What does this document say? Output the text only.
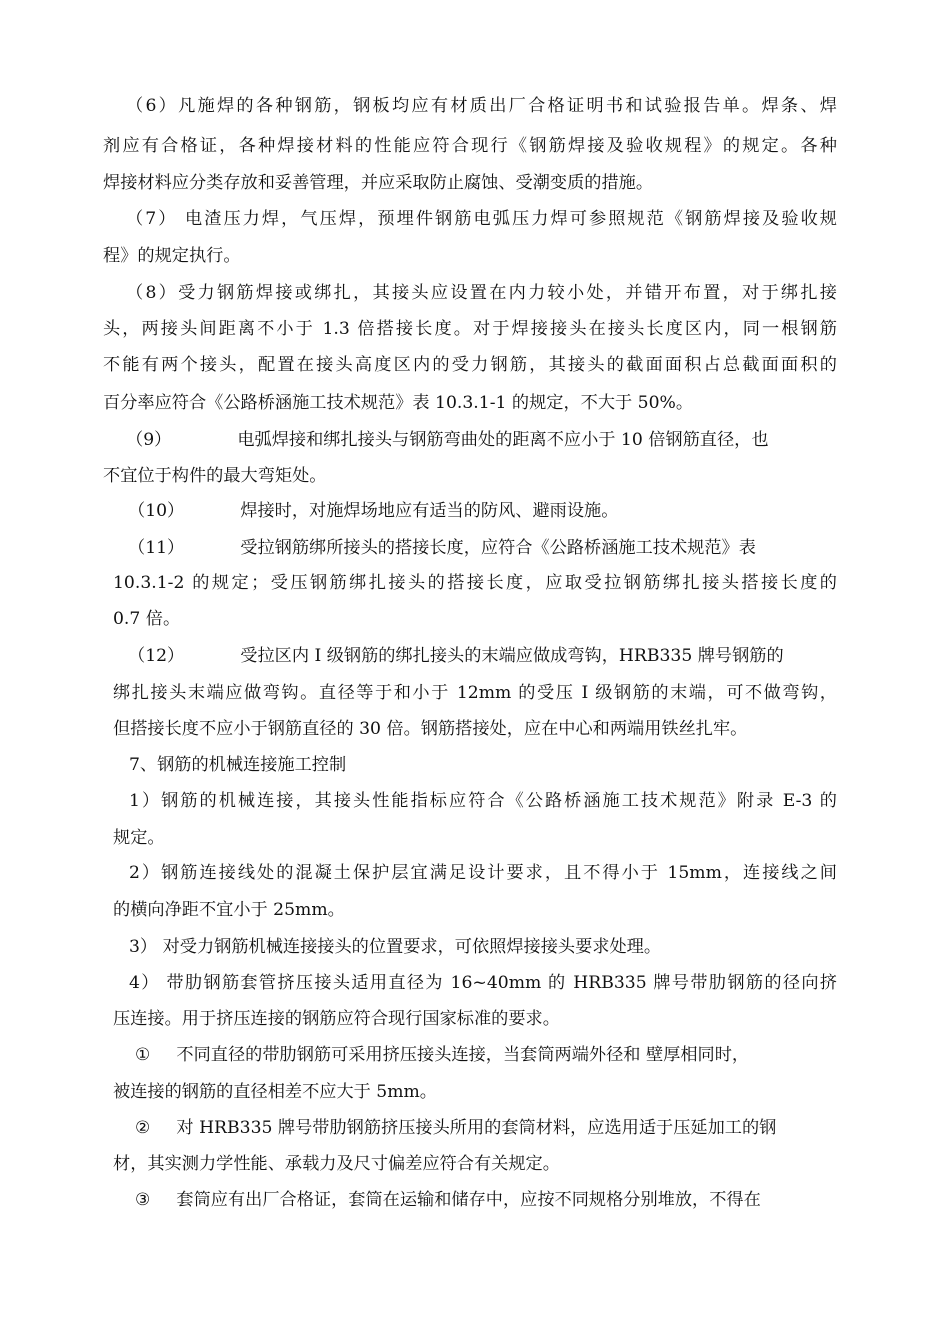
（6）凡施焊的各种钢筋，钢板均应有材质出厂合格证明书和试验报告单。焊条、焊
剂应有合格证，各种焊接材料的性能应符合现行《钢筋焊接及验收规程》的规定。各种
焊接材料应分类存放和妥善管理，并应采取防止腐蚀、受潮变质的措施。
（7） 电渣压力焊，气压焊，预埋件钢筋电弧压力焊可参照规范《钢筋焊接及验收规
程》的规定执行。
（8）受力钢筋焊接或绑扎，其接头应设置在内力较小处，并错开布置，对于绑扎接
头，两接头间距离不小于 1.3 倍搭接长度。对于焊接接头在接头长度区内，同一根钢筋
不能有两个接头，配置在接头高度区内的受力钢筋，其接头的截面面积占总截面面积的
百分率应符合《公路桥涵施工技术规范》表 10.3.1-1 的规定，不大于 50%。
（9）	电弧焊接和绑扎接头与钢筋弯曲处的距离不应小于 10 倍钢筋直径，也
不宜位于构件的最大弯矩处。
（10）	焊接时，对施焊场地应有适当的防风、避雨设施。
（11）	受拉钢筋绑所接头的搭接长度，应符合《公路桥涵施工技术规范》表
10.3.1-2 的规定；受压钢筋绑扎接头的搭接长度，应取受拉钢筋绑扎接头搭接长度的
0.7 倍。
（12）	受拉区内 I 级钢筋的绑扎接头的末端应做成弯钩，HRB335 牌号钢筋的
绑扎接头末端应做弯钩。直径等于和小于 12mm 的受压 I 级钢筋的末端，可不做弯钩，
但搭接长度不应小于钢筋直径的 30 倍。钢筋搭接处，应在中心和两端用铁丝扎牢。
7、钢筋的机械连接施工控制
1）钢筋的机械连接，其接头性能指标应符合《公路桥涵施工技术规范》附录 E-3 的
规定。
2）钢筋连接线处的混凝土保护层宜满足设计要求，且不得小于 15mm，连接线之间
的横向净距不宜小于 25mm。
3） 对受力钢筋机械连接接头的位置要求，可依照焊接接头要求处理。
4） 带肋钢筋套管挤压接头适用直径为 16~40mm 的 HRB335 牌号带肋钢筋的径向挤
压连接。用于挤压连接的钢筋应符合现行国家标准的要求。
① 不同直径的带肋钢筋可采用挤压接头连接，当套筒两端外径和 壁厚相同时，
被连接的钢筋的直径相差不应大于 5mm。
② 对 HRB335 牌号带肋钢筋挤压接头所用的套筒材料，应选用适于压延加工的钢
材，其实测力学性能、承载力及尺寸偏差应符合有关规定。
③ 套筒应有出厂合格证，套筒在运输和储存中，应按不同规格分别堆放，不得在
